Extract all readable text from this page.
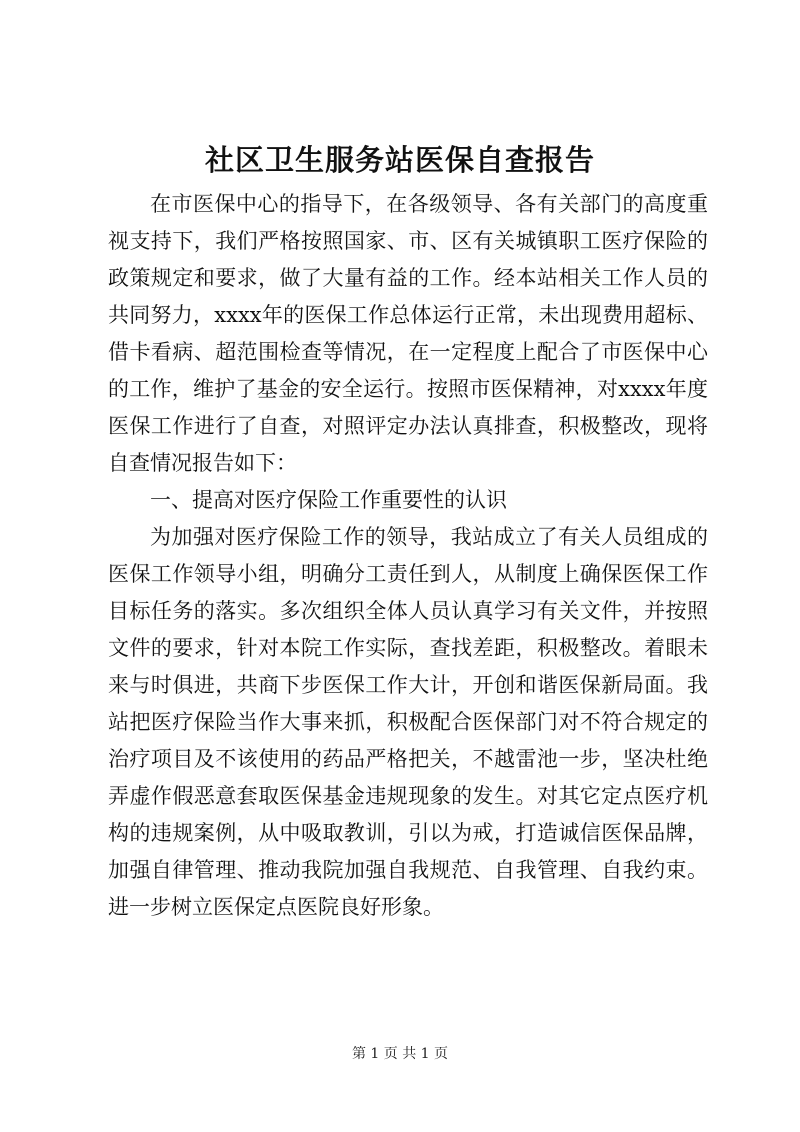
社区卫生服务站医保自查报告

在市医保中心的指导下，在各级领导、各有关部门的高度重视支持下，我们严格按照国家、市、区有关城镇职工医疗保险的政策规定和要求，做了大量有益的工作。经本站相关工作人员的共同努力，xxxx年的医保工作总体运行正常，未出现费用超标、借卡看病、超范围检查等情况，在一定程度上配合了市医保中心的工作，维护了基金的安全运行。按照市医保精神，对xxxx年度医保工作进行了自查，对照评定办法认真排查，积极整改，现将自查情况报告如下：

一、提高对医疗保险工作重要性的认识

为加强对医疗保险工作的领导，我站成立了有关人员组成的医保工作领导小组，明确分工责任到人，从制度上确保医保工作目标任务的落实。多次组织全体人员认真学习有关文件，并按照文件的要求，针对本院工作实际，查找差距，积极整改。着眼未来与时俱进，共商下步医保工作大计，开创和谐医保新局面。我站把医疗保险当作大事来抓，积极配合医保部门对不符合规定的治疗项目及不该使用的药品严格把关，不越雷池一步，坚决杜绝弄虚作假恶意套取医保基金违规现象的发生。对其它定点医疗机构的违规案例，从中吸取教训，引以为戒，打造诚信医保品牌，加强自律管理、推动我院加强自我规范、自我管理、自我约束。进一步树立医保定点医院良好形象。

第 1 页 共 1 页
